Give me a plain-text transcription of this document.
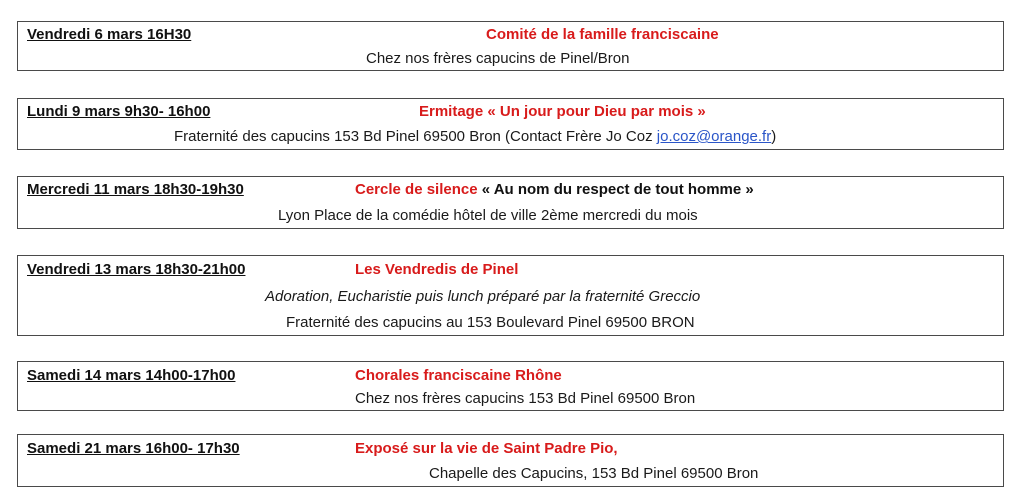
Vendredi 6 mars 16H30	Comité de la famille franciscaine
Chez nos frères capucins de Pinel/Bron
Lundi 9 mars 9h30- 16h00	Ermitage « Un jour pour Dieu par mois »
Fraternité des capucins 153 Bd Pinel 69500 Bron (Contact Frère Jo Coz jo.coz@orange.fr)
Mercredi 11 mars 18h30-19h30	Cercle de silence « Au nom du respect de tout homme »
Lyon Place de la comédie hôtel de ville 2ème mercredi du mois
Vendredi 13 mars 18h30-21h00	Les Vendredis de Pinel
Adoration, Eucharistie puis lunch préparé par la fraternité Greccio
Fraternité des capucins au 153 Boulevard Pinel 69500 BRON
Samedi 14 mars 14h00-17h00	Chorales franciscaine Rhône
Chez nos frères capucins 153 Bd Pinel 69500 Bron
Samedi 21 mars 16h00- 17h30	Exposé sur la vie de Saint Padre Pio,
Chapelle des Capucins, 153 Bd Pinel 69500 Bron
